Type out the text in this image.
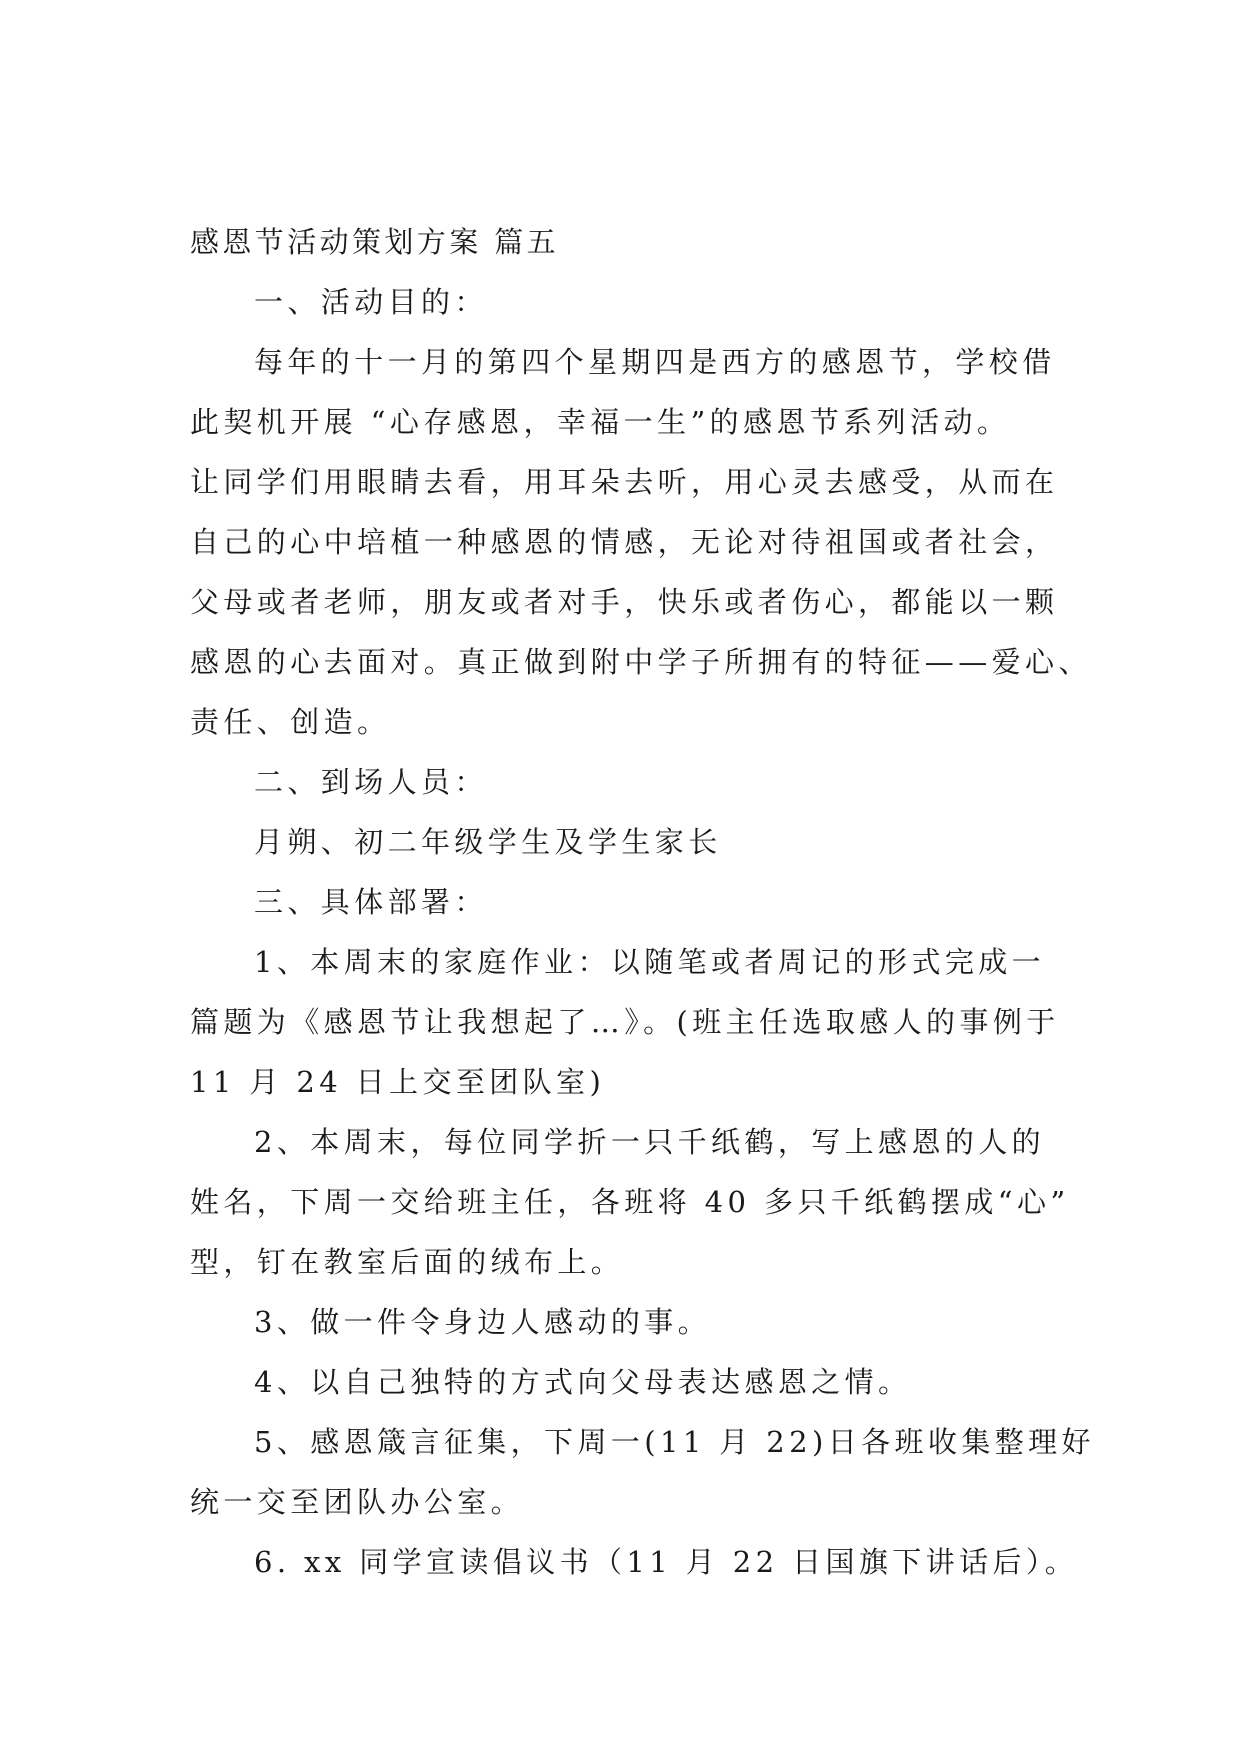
感恩节活动策划方案 篇五
一、活动目的：
每年的十一月的第四个星期四是西方的感恩节，学校借
此契机开展 “心存感恩，幸福一生”的感恩节系列活动。
让同学们用眼睛去看，用耳朵去听，用心灵去感受，从而在
自己的心中培植一种感恩的情感，无论对待祖国或者社会，
父母或者老师，朋友或者对手，快乐或者伤心，都能以一颗
感恩的心去面对。真正做到附中学子所拥有的特征——爱心、
责任、创造。
二、到场人员：
月朔、初二年级学生及学生家长
三、具体部署：
1、本周末的家庭作业：以随笔或者周记的形式完成一
篇题为《感恩节让我想起了…》。(班主任选取感人的事例于
11 月 24 日上交至团队室)
2、本周末，每位同学折一只千纸鹤，写上感恩的人的
姓名，下周一交给班主任，各班将 40 多只千纸鹤摆成“心”
型，钉在教室后面的绒布上。
3、做一件令身边人感动的事。
4、以自己独特的方式向父母表达感恩之情。
5、感恩箴言征集，下周一(11 月 22)日各班收集整理好
统一交至团队办公室。
6. xx 同学宣读倡议书（11 月 22 日国旗下讲话后）。
